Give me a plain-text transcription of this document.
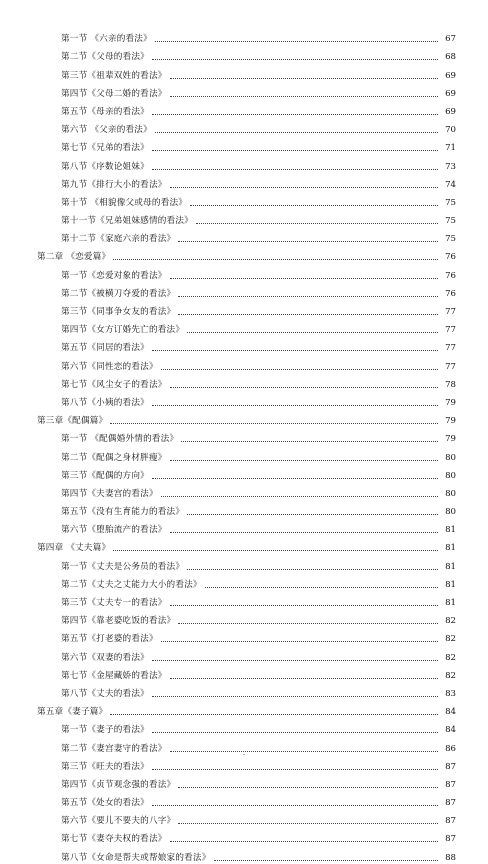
第一节 《六亲的看法》	67
第二节《父母的看法》	68
第三节《祖辈双姓的看法》	69
第四节《父母二婚的看法》	69
第五节《母亲的看法》	69
第六节 《父亲的看法》	70
第七节《兄弟的看法》	71
第八节《序数论姐妹》	73
第九节《排行大小的看法》	74
第十节 《相貌像父或母的看法》	75
第十一节《兄弟姐妹感情的看法》	75
第十二节《家庭六亲的看法》	75
第二章 《恋爱篇》	76
第一节《恋爱对象的看法》	76
第二节《被横刀夺爱的看法》	76
第三节《同事争女友的看法》	77
第四节《女方订婚先亡的看法》	77
第五节《同居的看法》	77
第六节《同性恋的看法》	77
第七节《风尘女子的看法》	78
第八节《小姨的看法》	79
第三章《配偶篇》	79
第一节 《配偶婚外情的看法》	79
第二节《配偶之身材胖瘦》	80
第三节《配偶的方向》	80
第四节《夫妻宫的看法》	80
第五节《没有生育能力的看法》	80
第六节《堕胎流产的看法》	81
第四章 《丈夫篇》	81
第一节《丈夫是公务员的看法》	81
第二节《丈夫之丈能力大小的看法》	81
第三节《丈夫专一的看法》	81
第四节《靠老婆吃饭的看法》	82
第五节《打老婆的看法》	82
第六节《双妻的看法》	82
第七节《金屋藏娇的看法》	82
第八节《丈夫的看法》	83
第五章《妻子篇》	84
第一节《妻子的看法》	84
第二节《妻宫妻守的看法》	86
第三节《旺夫的看法》	87
第四节《贞节观念强的看法》	87
第五节《处女的看法》	87
第六节《要儿不要夫的八字》	87
第七节《妻夺夫权的看法》	87
第八节《女命是帮夫或帮娘家的看法》	88
-
